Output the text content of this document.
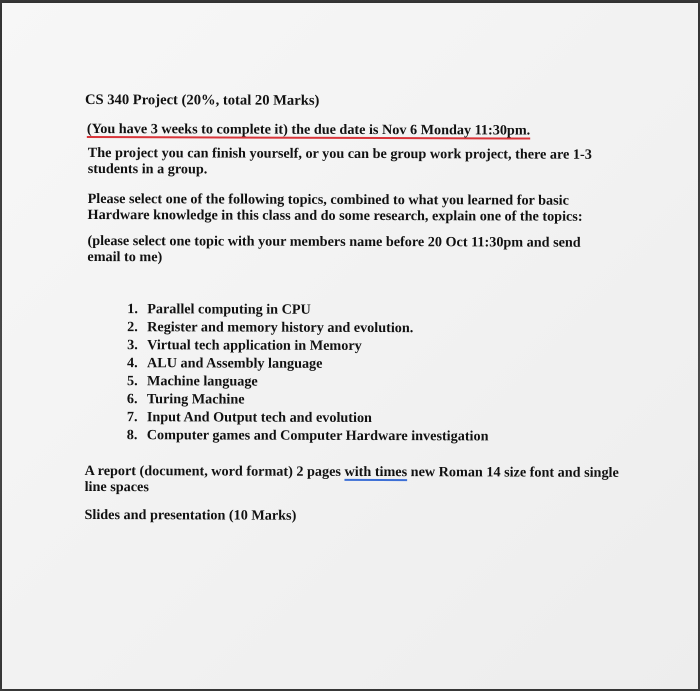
CS 340 Project (20%, total 20 Marks)
(You have 3 weeks to complete it) the due date is Nov 6 Monday 11:30pm.
The project you can finish yourself, or you can be group work project, there are 1-3 students in a group.
Please select one of the following topics, combined to what you learned for basic Hardware knowledge in this class and do some research, explain one of the topics:
(please select one topic with your members name before 20 Oct 11:30pm and send email to me)
1. Parallel computing in CPU
2. Register and memory history and evolution.
3. Virtual tech application in Memory
4. ALU and Assembly language
5. Machine language
6. Turing Machine
7. Input And Output tech and evolution
8. Computer games and Computer Hardware investigation
A report (document, word format) 2 pages with times new Roman 14 size font and single line spaces
Slides and presentation (10 Marks)
